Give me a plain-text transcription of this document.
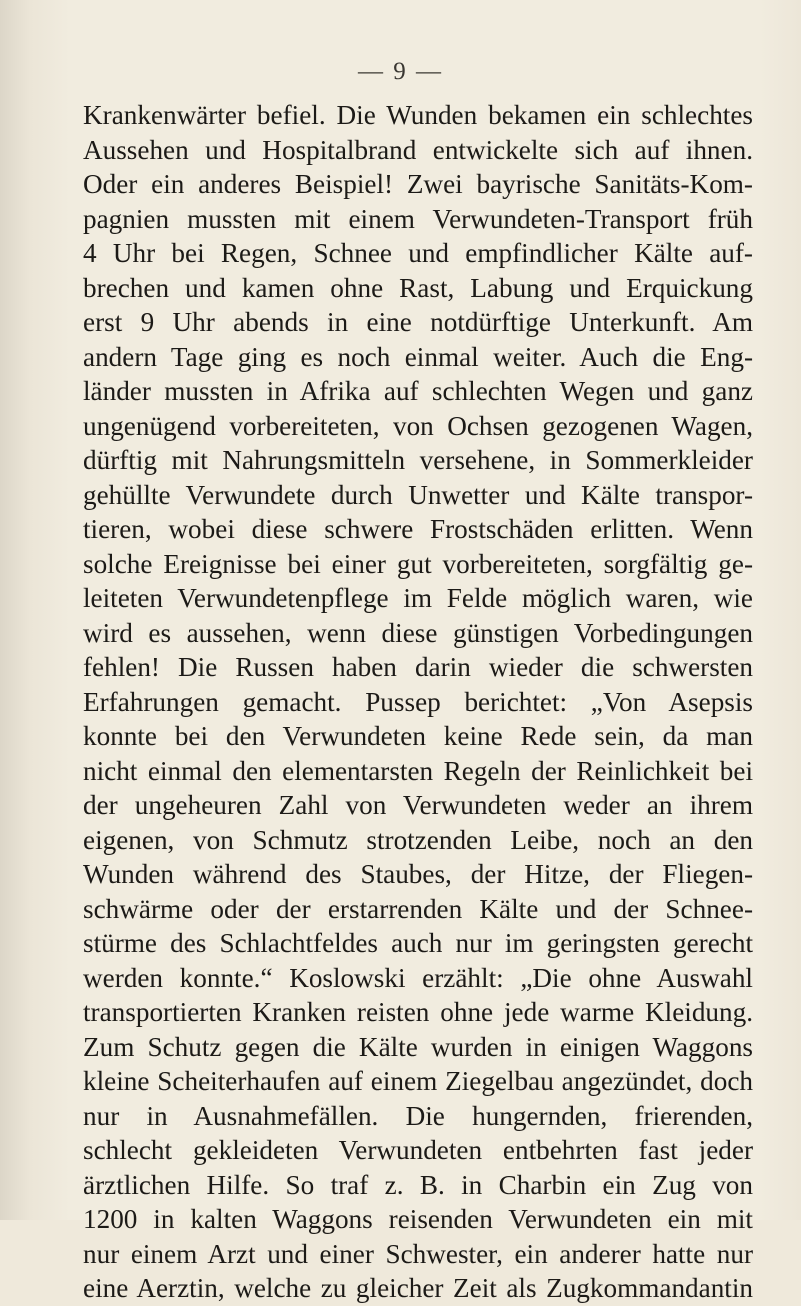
— 9 —
Krankenwärter befiel. Die Wunden bekamen ein schlechtes
Aussehen und Hospitalbrand entwickelte sich auf ihnen.
Oder ein anderes Beispiel! Zwei bayrische Sanitäts-Kom-
pagnien mussten mit einem Verwundeten-Transport früh
4 Uhr bei Regen, Schnee und empfindlicher Kälte auf-
brechen und kamen ohne Rast, Labung und Erquickung
erst 9 Uhr abends in eine notdürftige Unterkunft. Am
andern Tage ging es noch einmal weiter. Auch die Eng-
länder mussten in Afrika auf schlechten Wegen und ganz
ungenügend vorbereiteten, von Ochsen gezogenen Wagen,
dürftig mit Nahrungsmitteln versehene, in Sommerkleider
gehüllte Verwundete durch Unwetter und Kälte transpor-
tieren, wobei diese schwere Frostschäden erlitten. Wenn
solche Ereignisse bei einer gut vorbereiteten, sorgfältig ge-
leiteten Verwundetenpflege im Felde möglich waren, wie
wird es aussehen, wenn diese günstigen Vorbedingungen
fehlen! Die Russen haben darin wieder die schwersten
Erfahrungen gemacht. Pussep berichtet: „Von Asepsis
konnte bei den Verwundeten keine Rede sein, da man
nicht einmal den elementarsten Regeln der Reinlichkeit bei
der ungeheuren Zahl von Verwundeten weder an ihrem
eigenen, von Schmutz strotzenden Leibe, noch an den
Wunden während des Staubes, der Hitze, der Fliegen-
schwärme oder der erstarrenden Kälte und der Schnee-
stürme des Schlachtfeldes auch nur im geringsten gerecht
werden konnte.“ Koslowski erzählt: „Die ohne Auswahl
transportierten Kranken reisten ohne jede warme Kleidung.
Zum Schutz gegen die Kälte wurden in einigen Waggons
kleine Scheiterhaufen auf einem Ziegelbau angezündet, doch
nur in Ausnahmefällen. Die hungernden, frierenden,
schlecht gekleideten Verwundeten entbehrten fast jeder
ärztlichen Hilfe. So traf z. B. in Charbin ein Zug von
1200 in kalten Waggons reisenden Verwundeten ein mit
nur einem Arzt und einer Schwester, ein anderer hatte nur
eine Aerztin, welche zu gleicher Zeit als Zugkommandantin
